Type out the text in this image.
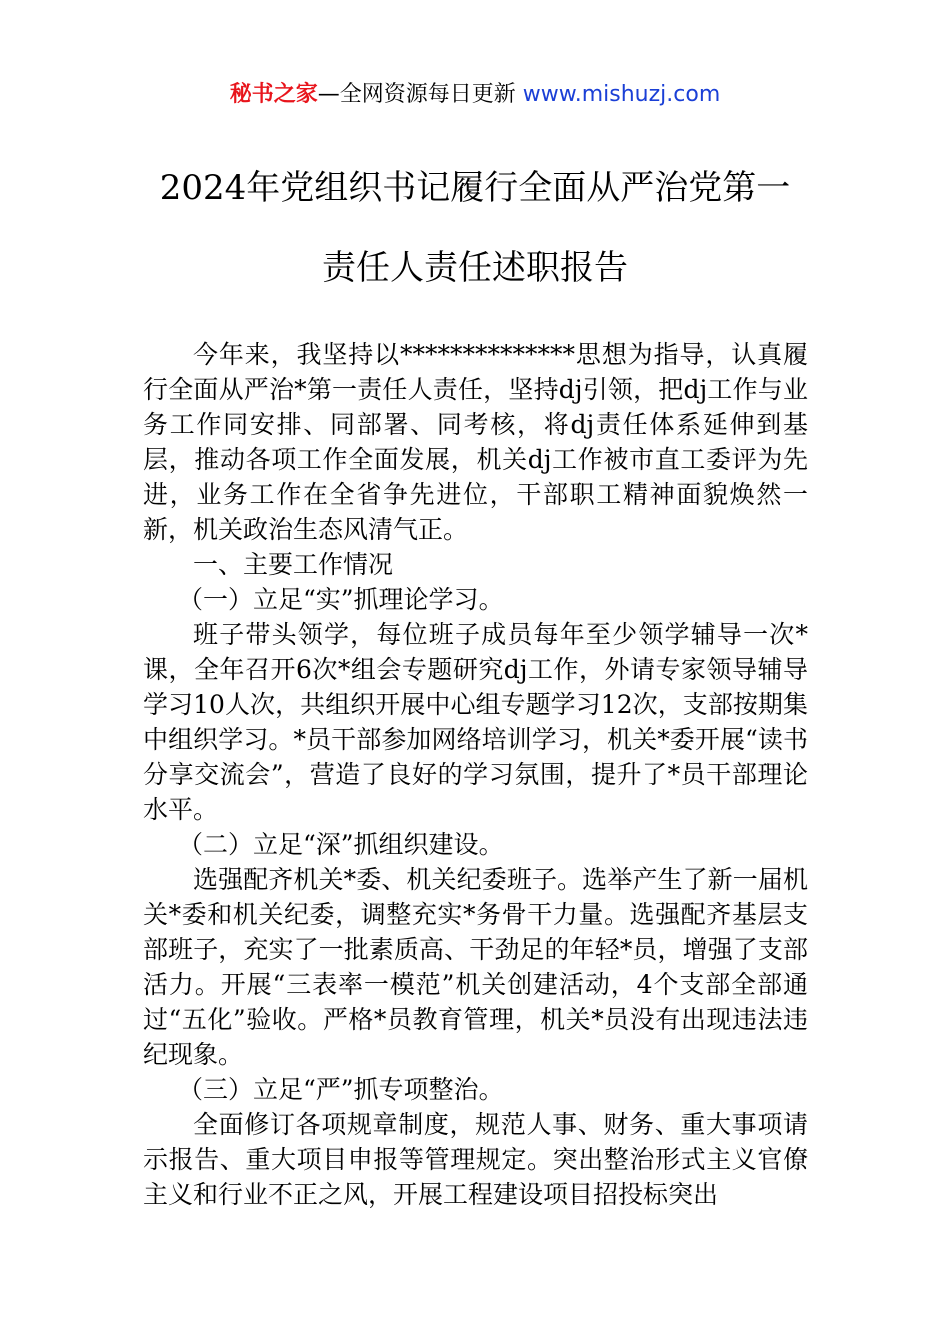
秘书之家—全网资源每日更新 www.mishuzj.com
2024年党组织书记履行全面从严治党第一
责任人责任述职报告

今年来，我坚持以**************思想为指导，认真履行全面从严治*第一责任人责任，坚持dj引领，把dj工作与业务工作同安排、同部署、同考核，将dj责任体系延伸到基层，推动各项工作全面发展，机关dj工作被市直工委评为先进，业务工作在全省争先进位，干部职工精神面貌焕然一新，机关政治生态风清气正。

一、主要工作情况

（一）立足“实”抓理论学习。

班子带头领学，每位班子成员每年至少领学辅导一次*课，全年召开6次*组会专题研究dj工作，外请专家领导辅导学习10人次，共组织开展中心组专题学习12次，支部按期集中组织学习。*员干部参加网络培训学习，机关*委开展“读书分享交流会”，营造了良好的学习氛围，提升了*员干部理论水平。

（二）立足“深”抓组织建设。

选强配齐机关*委、机关纪委班子。选举产生了新一届机关*委和机关纪委，调整充实*务骨干力量。选强配齐基层支部班子，充实了一批素质高、干劲足的年轻*员，增强了支部活力。开展“三表率一模范”机关创建活动，4个支部全部通过“五化”验收。严格*员教育管理，机关*员没有出现违法违纪现象。

（三）立足“严”抓专项整治。

全面修订各项规章制度，规范人事、财务、重大事项请示报告、重大项目申报等管理规定。突出整治形式主义官僚主义和行业不正之风，开展工程建设项目招投标突出
